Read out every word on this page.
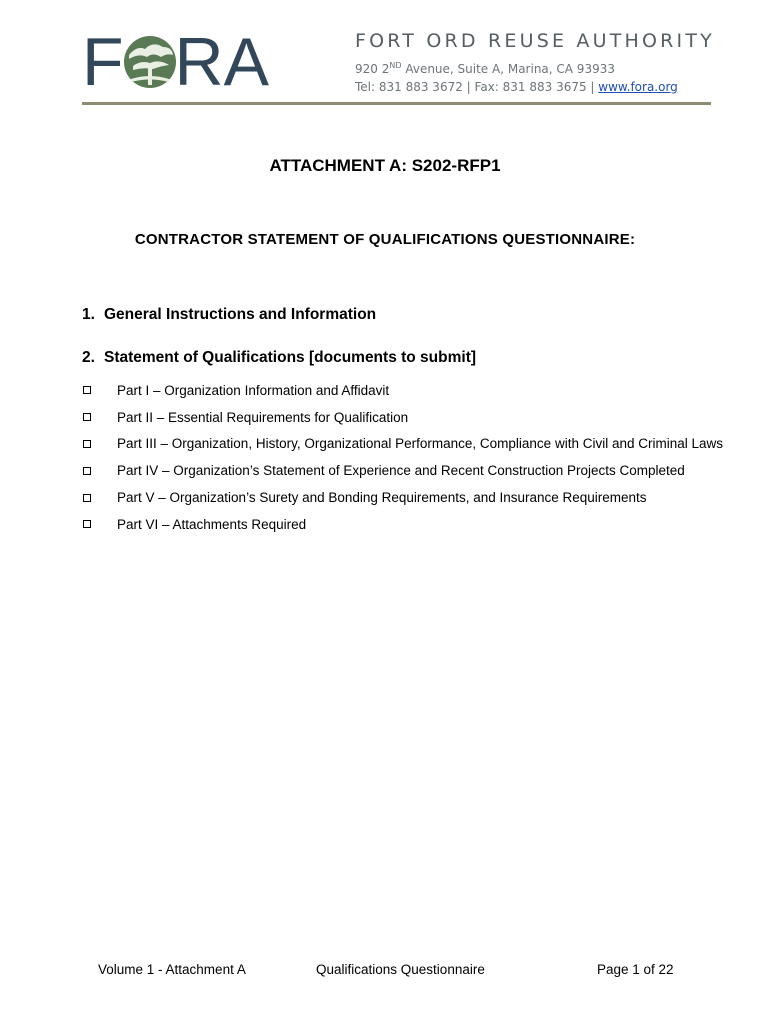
F RA	FORT ORD REUSE AUTHORITY
920 2ND Avenue, Suite A, Marina, CA 93933
Tel: 831 883 3672 | Fax: 831 883 3675 | www.fora.org
ATTACHMENT A: S202-RFP1
CONTRACTOR STATEMENT OF QUALIFICATIONS QUESTIONNAIRE:
1. General Instructions and Information
2. Statement of Qualifications [documents to submit]
Part I – Organization Information and Affidavit
Part II – Essential Requirements for Qualification
Part III – Organization, History, Organizational Performance, Compliance with Civil and Criminal Laws
Part IV – Organization’s Statement of Experience and Recent Construction Projects Completed
Part V – Organization’s Surety and Bonding Requirements, and Insurance Requirements
Part VI – Attachments Required
Volume 1 - Attachment A	Qualifications Questionnaire	Page 1 of 22
